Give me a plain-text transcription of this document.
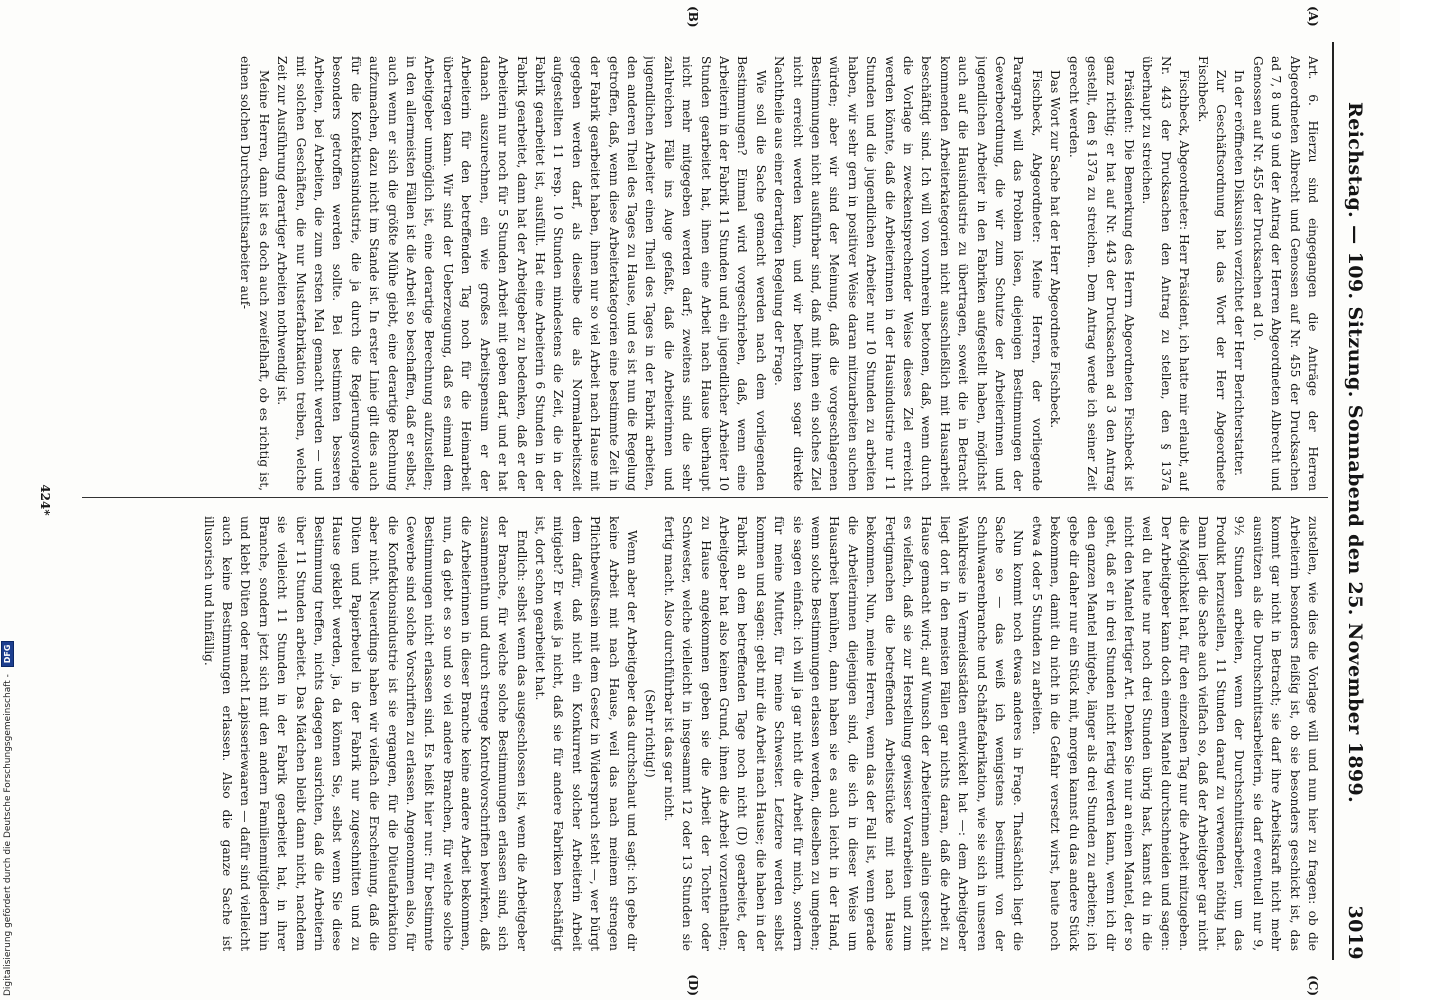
Reichstag. — 109. Sitzung. Sonnabend den 25. November 1899.
3019
(A)
(B)
(C)
(D)

Art. 6. Hierzu sind eingegangen die Anträge der Herren Abgeordneten Albrecht und Genossen auf Nr. 455 der Drucksachen ad 7, 8 und 9 und der Antrag der Herren Abgeordneten Albrecht und Genossen auf Nr. 455 der Drucksachen ad 10.

In der eröffneten Diskussion verzichtet der Herr Berichterstatter.

Zur Geschäftsordnung hat das Wort der Herr Abgeordnete Fischbeck.

Fischbeck, Abgeordneter: Herr Präsident, ich hatte mir erlaubt, auf Nr. 443 der Drucksachen den Antrag zu stellen, den § 137a überhaupt zu streichen.

Präsident: Die Bemerkung des Herrn Abgeordneten Fischbeck ist ganz richtig; er hat auf Nr. 443 der Drucksachen ad 3 den Antrag gestellt, den § 137a zu streichen. Dem Antrag werde ich seiner Zeit gerecht werden.

Das Wort zur Sache hat der Herr Abgeordnete Fischbeck.

Fischbeck, Abgeordneter: Meine Herren, der vorliegende Paragraph will das Problem lösen, diejenigen Bestimmungen der Gewerbeordnung, die wir zum Schutze der Arbeiterinnen und jugendlichen Arbeiter in den Fabriken aufgestellt haben, möglichst auch auf die Hausindustrie zu übertragen, soweit die in Betracht kommenden Arbeiterkategorien nicht ausschließlich mit Hausarbeit beschäftigt sind. Ich will von vornherein betonen, daß, wenn durch die Vorlage in zweckentsprechender Weise dieses Ziel erreicht werden könnte, daß die Arbeiterinnen in der Hausindustrie nur 11 Stunden und die jugendlichen Arbeiter nur 10 Stunden zu arbeiten haben, wir sehr gern in positiver Weise daran mitzuarbeiten suchen würden; aber wir sind der Meinung, daß die vorgeschlagenen Bestimmungen nicht ausführbar sind, daß mit ihnen ein solches Ziel nicht erreicht werden kann, und wir befürchten sogar direkte Nachtheile aus einer derartigen Regelung der Frage.

Wie soll die Sache gemacht werden nach dem vorliegenden Bestimmungen? Einmal wird vorgeschrieben, daß, wenn eine Arbeiterin in der Fabrik 11 Stunden und ein jugendlicher Arbeiter 10 Stunden gearbeitet hat, ihnen eine Arbeit nach Hause überhaupt nicht mehr mitgegeben werden darf; zweitens sind die sehr zahlreichen Fälle ins Auge gefaßt, daß die Arbeiterinnen und jugendlichen Arbeiter einen Theil des Tages in der Fabrik arbeiten, den anderen Theil des Tages zu Hause, und es ist nun die Regelung getroffen, daß, wenn diese Arbeiterkategorien eine bestimmte Zeit in der Fabrik gearbeitet haben, ihnen nur so viel Arbeit nach Hause mit gegeben werden darf, als dieselbe die als Normalarbeitszeit aufgestellten 11 resp. 10 Stunden mindestens die Zeit, die in der Fabrik gearbeitet ist, ausfüllt. Hat eine Arbeiterin 6 Stunden in der Fabrik gearbeitet, dann hat der Arbeitgeber zu bedenken, daß er der Arbeiterin nur noch für 5 Stunden Arbeit mit geben darf, und er hat danach auszurechnen, ein wie großes Arbeitspensum er der Arbeiterin für den betreffenden Tag noch für die Heimarbeit übertragen kann. Wir sind der Ueberzeugung, daß es einmal dem Arbeitgeber unmöglich ist, eine derartige Berechnung aufzustellen; in den allermeisten Fällen ist die Arbeit so beschaffen, daß er selbst, auch wenn er sich die größte Mühe giebt, eine derartige Rechnung aufzumachen, dazu nicht im Stande ist. In erster Linie gilt dies auch für die Konfektionsindustrie, die ja durch die Regierungsvorlage besonders getroffen werden sollte. Bei bestimmten besseren Arbeiten, bei Arbeiten, die zum ersten Mal gemacht werden — und mit solchen Geschäften, die nur Musterfabrikation treiben, welche Zeit zur Ausführung derartiger Arbeiten nothwendig ist.

Meine Herren, dann ist es doch auch zweifelhaft, ob es richtig ist, einen solchen Durchschnittsarbeiter auf-

zustellen, wie dies die Vorlage will und nun hier zu fragen: ob die Arbeiterin besonders fleißig ist, ob sie besonders geschickt ist, das kommt gar nicht in Betracht; sie darf ihre Arbeitskraft nicht mehr ausnützen als die Durchschnittsarbeiterin, sie darf eventuell nur 9, 9½ Stunden arbeiten, wenn der Durchschnittsarbeiter, um das Produkt herzustellen, 11 Stunden darauf zu verwenden nöthig hat. Dann liegt die Sache auch vielfach so, daß der Arbeitgeber gar nicht die Möglichkeit hat, für den einzelnen Tag nur die Arbeit mitzugeben. Der Arbeitgeber kann doch einem Mantel durchschneiden und sagen: weil du heute nur noch drei Stunden übrig hast, kannst du in die nicht den Mantel fertiger Art. Denken Sie nur an einen Mantel, der so geht, daß er in drei Stunden nicht fertig werden kann, wenn ich dir den ganzen Mantel mitgebe, länger als drei Stunden zu arbeiten; ich gebe dir daher nur ein Stück mit, morgen kannst du das andere Stück bekommen, damit du nicht in die Gefahr versetzt wirst, heute noch etwa 4 oder 5 Stunden zu arbeiten.

Nun kommt noch etwas anderes in Frage. Thatsächlich liegt die Sache so — das weiß ich wenigstens bestimmt von der Schuhwaarenbranche und Schäftefabrikation, wie sie sich in unseren Wahlkreise in Vermeidsstädten entwickelt hat —: dem Arbeitgeber liegt dort in den meisten Fällen gar nichts daran, daß die Arbeit zu Hause gemacht wird; auf Wunsch der Arbeiterinnen allein geschieht es vielfach, daß sie zur Herstellung gewisser Vorarbeiten und zum Fertigmachen die betreffenden Arbeitsstücke mit nach Hause bekommen. Nun, meine Herren, wenn das der Fall ist, wenn gerade die Arbeiterinnen diejenigen sind, die sich in dieser Weise um Hausarbeit bemühen, dann haben sie es auch leicht in der Hand, wenn solche Bestimmungen erlassen werden, dieselben zu umgehen; sie sagen einfach: ich will ja gar nicht die Arbeit für mich, sondern für meine Mutter, für meine Schwester. Letztere werden selbst kommen und sagen: gebt mir die Arbeit nach Hause; die haben in der Fabrik an dem betreffenden Tage noch nicht (D) gearbeitet, der Arbeitgeber hat also keinen Grund, ihnen die Arbeit vorzuenthalten; zu Hause angekommen geben sie die Arbeit der Tochter oder Schwester, welche vielleicht in insgesammt 12 oder 13 Stunden sie fertig macht. Also durchführbar ist das gar nicht.

(Sehr richtig!)

Wenn aber der Arbeitgeber das durchschaut und sagt: ich gebe dir keine Arbeit mit nach Hause, weil das nach meinem strengen Pflichtbewußtsein mit dem Gesetz in Widerspruch steht —, wer bürgt dem dafür, daß nicht ein Konkurrent solcher Arbeiterin Arbeit mitgiebt? Er weiß ja nicht, daß sie für andere Fabriken beschäftigt ist, dort schon gearbeitet hat.

Endlich: selbst wenn das ausgeschlossen ist, wenn die Arbeitgeber der Branche, für welche solche Bestimmungen erlassen sind, sich zusammenthun und durch strenge Kontrolvorschriften bewirken, daß die Arbeiterinnen in dieser Branche keine andere Arbeit bekommen, nun, da giebt es so und so viel andere Branchen, für welche solche Bestimmungen nicht erlassen sind. Es heißt hier nur: für bestimmte Gewerbe sind solche Vorschriften zu erlassen. Angenommen also, für die Konfektionsindustrie ist sie ergangen, für die Düteufabrikation aber nicht. Neuerdings haben wir vielfach die Erscheinung, daß die Düten und Papierbeutel in der Fabrik nur zugeschnitten und zu Hause geklebt werden, ja, da können Sie, selbst wenn Sie diese Bestimmung treffen, nichts dagegen ausrichten, daß die Arbeiterin über 11 Stunden arbeitet. Das Mädchen bleibt dann nicht, nachdem sie vielleicht 11 Stunden in der Fabrik gearbeitet hat, in ihrer Branche, sondern jetzt sich mit den andern Familienmitgliedern hin und klebt Düten oder macht Lapisseriewaaren — dafür sind vielleicht auch keine Bestimmungen erlassen. Also die ganze Sache ist illusorisch und hinfällig.

424*
Digitalisierung gefördert durch die Deutsche Forschungsgemeinschaft - DFG
